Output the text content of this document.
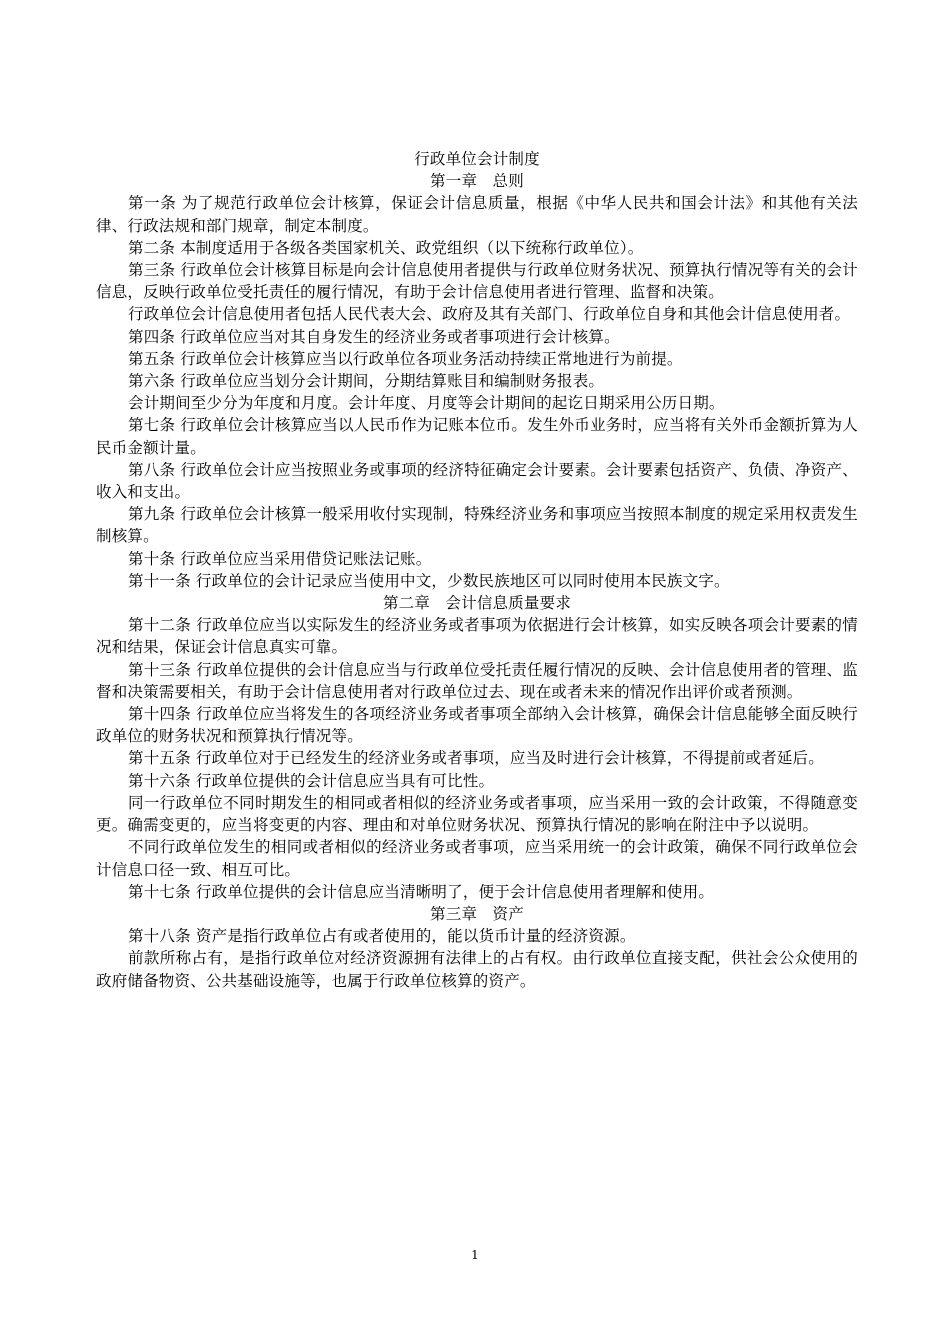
行政单位会计制度
第一章   总则
第一条 为了规范行政单位会计核算，保证会计信息质量，根据《中华人民共和国会计法》和其他有关法律、行政法规和部门规章，制定本制度。
第二条 本制度适用于各级各类国家机关、政党组织（以下统称行政单位）。
第三条 行政单位会计核算目标是向会计信息使用者提供与行政单位财务状况、预算执行情况等有关的会计信息，反映行政单位受托责任的履行情况，有助于会计信息使用者进行管理、监督和决策。
行政单位会计信息使用者包括人民代表大会、政府及其有关部门、行政单位自身和其他会计信息使用者。
第四条 行政单位应当对其自身发生的经济业务或者事项进行会计核算。
第五条 行政单位会计核算应当以行政单位各项业务活动持续正常地进行为前提。
第六条 行政单位应当划分会计期间，分期结算账目和编制财务报表。
会计期间至少分为年度和月度。会计年度、月度等会计期间的起讫日期采用公历日期。
第七条 行政单位会计核算应当以人民币作为记账本位币。发生外币业务时，应当将有关外币金额折算为人民币金额计量。
第八条 行政单位会计应当按照业务或事项的经济特征确定会计要素。会计要素包括资产、负债、净资产、收入和支出。
第九条 行政单位会计核算一般采用收付实现制，特殊经济业务和事项应当按照本制度的规定采用权责发生制核算。
第十条 行政单位应当采用借贷记账法记账。
第十一条 行政单位的会计记录应当使用中文，少数民族地区可以同时使用本民族文字。
第二章   会计信息质量要求
第十二条 行政单位应当以实际发生的经济业务或者事项为依据进行会计核算，如实反映各项会计要素的情况和结果，保证会计信息真实可靠。
第十三条 行政单位提供的会计信息应当与行政单位受托责任履行情况的反映、会计信息使用者的管理、监督和决策需要相关，有助于会计信息使用者对行政单位过去、现在或者未来的情况作出评价或者预测。
第十四条 行政单位应当将发生的各项经济业务或者事项全部纳入会计核算，确保会计信息能够全面反映行政单位的财务状况和预算执行情况等。
第十五条 行政单位对于已经发生的经济业务或者事项，应当及时进行会计核算，不得提前或者延后。
第十六条 行政单位提供的会计信息应当具有可比性。
同一行政单位不同时期发生的相同或者相似的经济业务或者事项，应当采用一致的会计政策，不得随意变更。确需变更的，应当将变更的内容、理由和对单位财务状况、预算执行情况的影响在附注中予以说明。
不同行政单位发生的相同或者相似的经济业务或者事项，应当采用统一的会计政策，确保不同行政单位会计信息口径一致、相互可比。
第十七条 行政单位提供的会计信息应当清晰明了，便于会计信息使用者理解和使用。
第三章   资产
第十八条 资产是指行政单位占有或者使用的，能以货币计量的经济资源。
前款所称占有，是指行政单位对经济资源拥有法律上的占有权。由行政单位直接支配，供社会公众使用的政府储备物资、公共基础设施等，也属于行政单位核算的资产。
1
